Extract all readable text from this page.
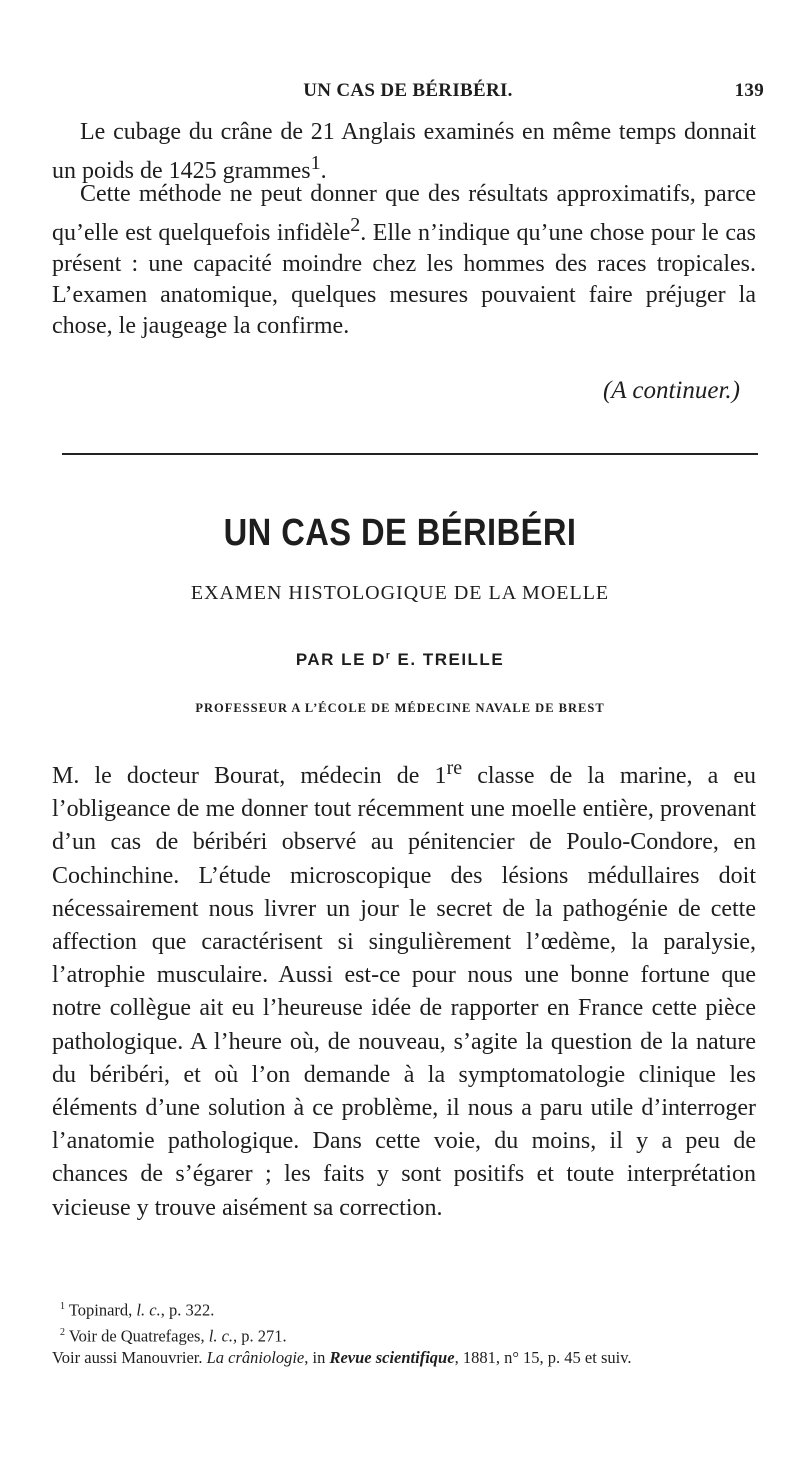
UN CAS DE BÉRIBÉRI.	139

Le cubage du crâne de 21 Anglais examinés en même temps donnait un poids de 1425 grammes$^1$.

Cette méthode ne peut donner que des résultats approximatifs, parce qu’elle est quelquefois infidèle$^2$. Elle n’indique qu’une chose pour le cas présent : une capacité moindre chez les hommes des races tropicales. L’examen anatomique, quelques mesures pouvaient faire préjuger la chose, le jaugeage la confirme.

(A continuer.)
UN CAS DE BÉRIBÉRI
EXAMEN HISTOLOGIQUE DE LA MOELLE
PAR LE $D^r$ E. TREILLE
PROFESSEUR A L’ÉCOLE DE MÉDECINE NAVALE DE BREST

M. le docteur Bourat, médecin de 1re classe de la marine, a eu l’obligeance de me donner tout récemment une moelle entière, provenant d’un cas de béribéri observé au pénitencier de Poulo-Condore, en Cochinchine. L’étude microscopique des lésions médullaires doit nécessairement nous livrer un jour le secret de la pathogénie de cette affection que caractérisent si singulièrement l’œdème, la paralysie, l’atrophie musculaire. Aussi est-ce pour nous une bonne fortune que notre collègue ait eu l’heureuse idée de rapporter en France cette pièce pathologique. A l’heure où, de nouveau, s’agite la question de la nature du béribéri, et où l’on demande à la symptomatologie clinique les éléments d’une solution à ce problème, il nous a paru utile d’interroger l’anatomie pathologique. Dans cette voie, du moins, il y a peu de chances de s’égarer ; les faits y sont positifs et toute interprétation vicieuse y trouve aisément sa correction.

$^1$ Topinard, l. c., p. 322.

$^2$ Voir de Quatrefages, l. c., p. 271.

Voir aussi Manouvrier. La crâniologie, in Revue scientifique, 1881, n° 15, p. 45 et suiv.
